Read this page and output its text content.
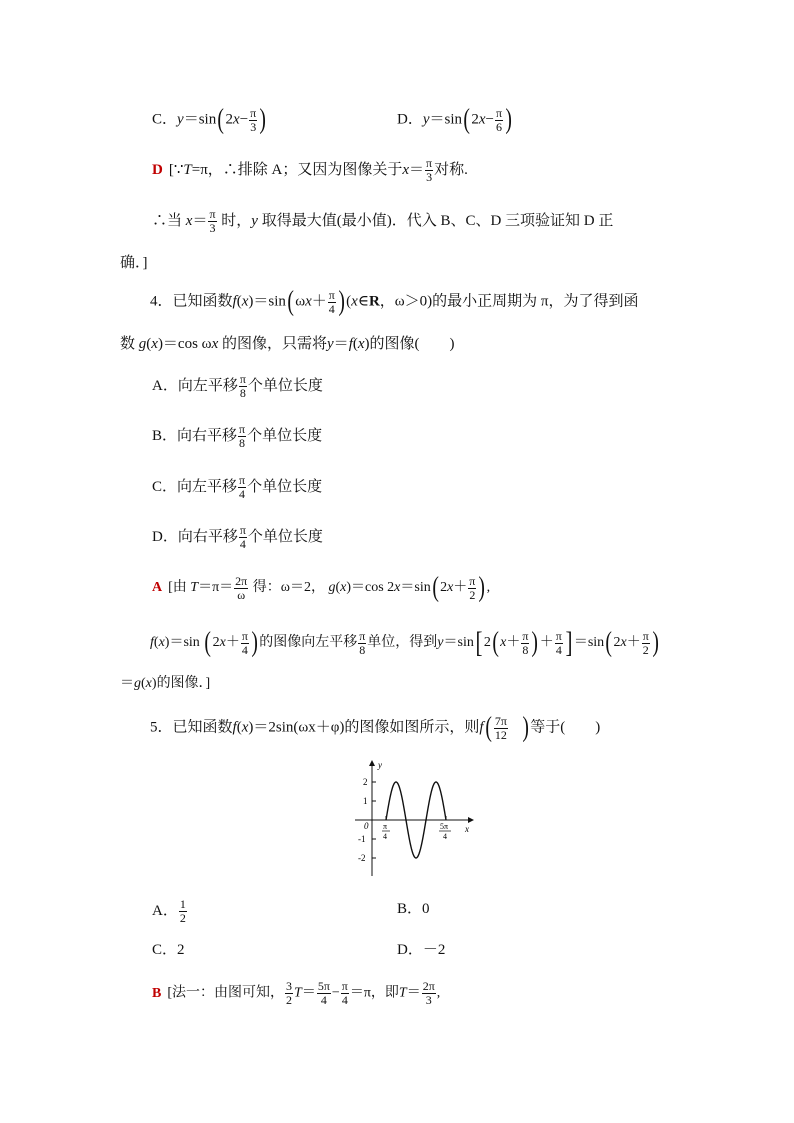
C．$y=\sin(2x- \frac{\pi}{3}$ )	D．$y=\sin(2x- \frac{\pi}{6}$ )
D [∵T=π，∴排除 A；又因为图像关于$x= \frac{\pi}{3}$ 对称.
∴当 $x= \frac{\pi}{3}$ 时，y 取得最大值(最小值)．代入 B、C、D 三项验证知 D 正
确．]
4．已知函数$f(x)=\sin(\omega x+ \frac{\pi}{4}$ )(x∈R，ω＞0)的最小正周期为 π，为了得到函
数 g(x)＝cos ωx 的图像，只需将y＝f(x)的图像(　　)
A．向左平移 $\frac{\pi}{8}$ 个单位长度
B．向右平移 $\frac{\pi}{8}$ 个单位长度
C．向左平移 $\frac{\pi}{4}$ 个单位长度
D．向右平移 $\frac{\pi}{4}$ 个单位长度
A [由 $T=\pi= \frac{2\pi}{\omega}$ 得：ω＝2， g(x)＝cos $2x=\sin(2x+ \frac{\pi}{2}$ ),
f(x)＝sin ($2x+ \frac{\pi}{4}$ )的图像向左平移 $\frac{\pi}{8}$ 单位，得到y＝sin[ $2(x+ \frac{\pi}{8}$ )＋ $\frac{\pi}{4}$ ] $=\sin(2x+ \frac{\pi}{2}$ )
＝g(x)的图像．]
5．已知函数f(x)＝2sin(ωx＋φ)的图像如图所示，则$f( \frac{7\pi}{12}$ )等于(　　)
y
x
0
2
1
-1
-2
π
4
5π
4
A． $\frac{1}{2}$	B．0
C．2	D．－2
B [法一：由图可知， $\frac{3}{2} T= \frac{5\pi}{4} - \frac{\pi}{4} =\pi$，即$T= \frac{2\pi}{3}$ ,
